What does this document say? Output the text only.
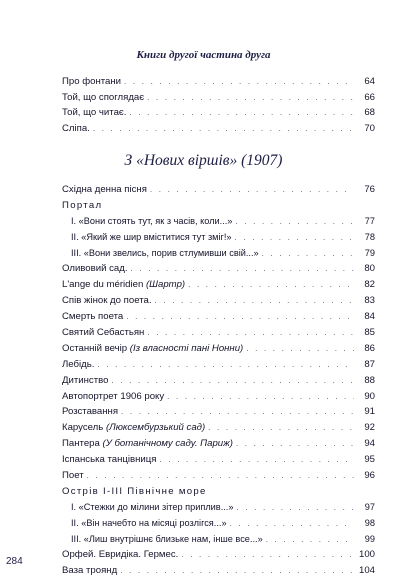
Книги другої частина друга
Про фонтани . . .	64
Той, що споглядає . . .	66
Той, що читає. . . .	68
Сліпа. . . .	70
З «Нових віршів» (1907)
Східна денна пісня . . .	76
Портал
І. «Вони стоять тут, як з часів, коли...» . . .	77
ІІ. «Який же шир вміститися тут зміг!» . . .	78
ІІІ. «Вони звелись, порив стлумивши свій...» . . .	79
Оливовий сад. . . .	80
L'ange du méridien (Шартр) . . .	82
Спів жінок до поета. . . .	83
Смерть поета . . .	84
Святий Себастьян . . .	85
Останній вечір (Із власності пані Нонни) . . .	86
Лебідь. . . .	87
Дитинство . . .	88
Автопортрет 1906 року . . .	90
Розставання . . .	91
Карусель (Люксембурзький сад) . . .	92
Пантера (У ботанічному саду. Париж) . . .	94
Іспанська танцівниця . . .	95
Поет . . .	96
Острів І-ІІІ Північне море
І. «Стежки до мілини зітер приплив...» . . .	97
ІІ. «Він начебто на місяці розлігся...» . . .	98
ІІІ. «Лиш внутрішнє близьке нам, інше все...» . . .	99
Орфей. Евридіка. Гермес. . . .	100
Ваза троянд . . .	104
284
